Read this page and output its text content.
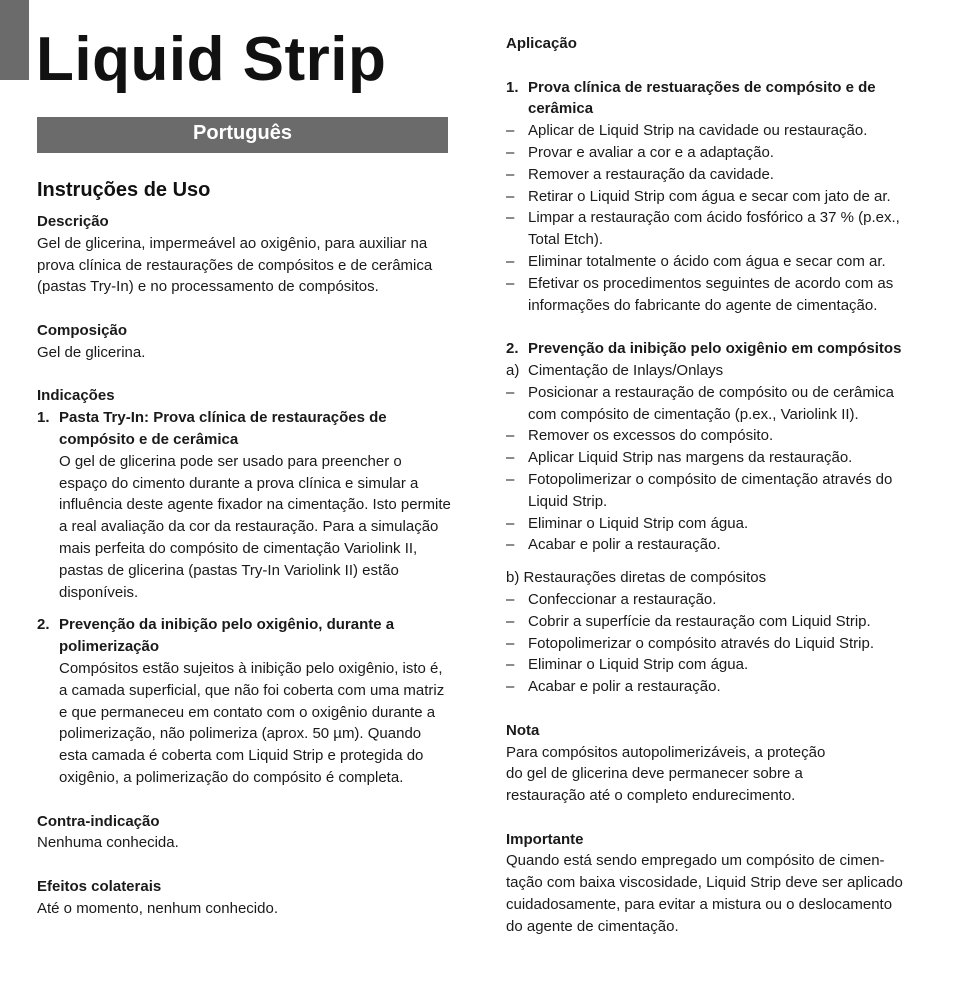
Liquid Strip
Português
Instruções de Uso

Descrição

Gel de glicerina, impermeável ao oxigênio, para auxiliar na prova clínica de restaurações de compósitos e de cerâmica (pastas Try-In) e no processamento de compósitos.

Composição

Gel de glicerina.

Indicações

1. Pasta Try-In: Prova clínica de restaurações de compósito e de cerâmica

O gel de glicerina pode ser usado para preencher o espaço do cimento durante a prova clínica e simular a influência deste agente fixador na cimentação. Isto permite a real avaliação da cor da restauração. Para a simulação mais perfeita do compósito de cimentação Variolink II, pastas de glicerina (pastas Try-In Variolink II) estão disponíveis.

2. Prevenção da inibição pelo oxigênio, durante a polimerização

Compósitos estão sujeitos à inibição pelo oxigênio, isto é, a camada superficial, que não foi coberta com uma matriz e que permaneceu em contato com o oxigênio durante a polimerização, não polimeriza (aprox. 50 µm). Quando esta camada é coberta com Liquid Strip e protegida do oxigênio, a polimerização do compósito é completa.

Contra-indicação

Nenhuma conhecida.

Efeitos colaterais

Até o momento, nenhum conhecido.

Aplicação

1. Prova clínica de restuarações de compósito e de cerâmica

– Aplicar de Liquid Strip na cavidade ou restauração.
– Provar e avaliar a cor e a adaptação.
– Remover a restauração da cavidade.
– Retirar o Liquid Strip com água e secar com jato de ar.
– Limpar a restauração com ácido fosfórico a 37 % (p.ex., Total Etch).
– Eliminar totalmente o ácido com água e secar com ar.
– Efetivar os procedimentos seguintes de acordo com as informações do fabricante do agente de cimentação.
2. Prevenção da inibição pelo oxigênio em compósitos

a) Cimentação de Inlays/Onlays
– Posicionar a restauração de compósito ou de cerâmica com compósito de cimentação (p.ex., Variolink II).
– Remover os excessos do compósito.
– Aplicar Liquid Strip nas margens da restauração.
– Fotopolimerizar o compósito de cimentação através do Liquid Strip.
– Eliminar o Liquid Strip com água.
– Acabar e polir a restauração.

b) Restaurações diretas de compósitos

– Confeccionar a restauração.
– Cobrir a superfície da restauração com Liquid Strip.
– Fotopolimerizar o compósito através do Liquid Strip.
– Eliminar o Liquid Strip com água.
– Acabar e polir a restauração.

Nota

Para compósitos autopolimerizáveis, a proteção

do gel de glicerina deve permanecer sobre a

restauração até o completo endurecimento.

Importante

Quando está sendo empregado um compósito de cimen-

tação com baixa viscosidade, Liquid Strip deve ser aplicado

cuidadosamente, para evitar a mistura ou o deslocamento

do agente de cimentação.
